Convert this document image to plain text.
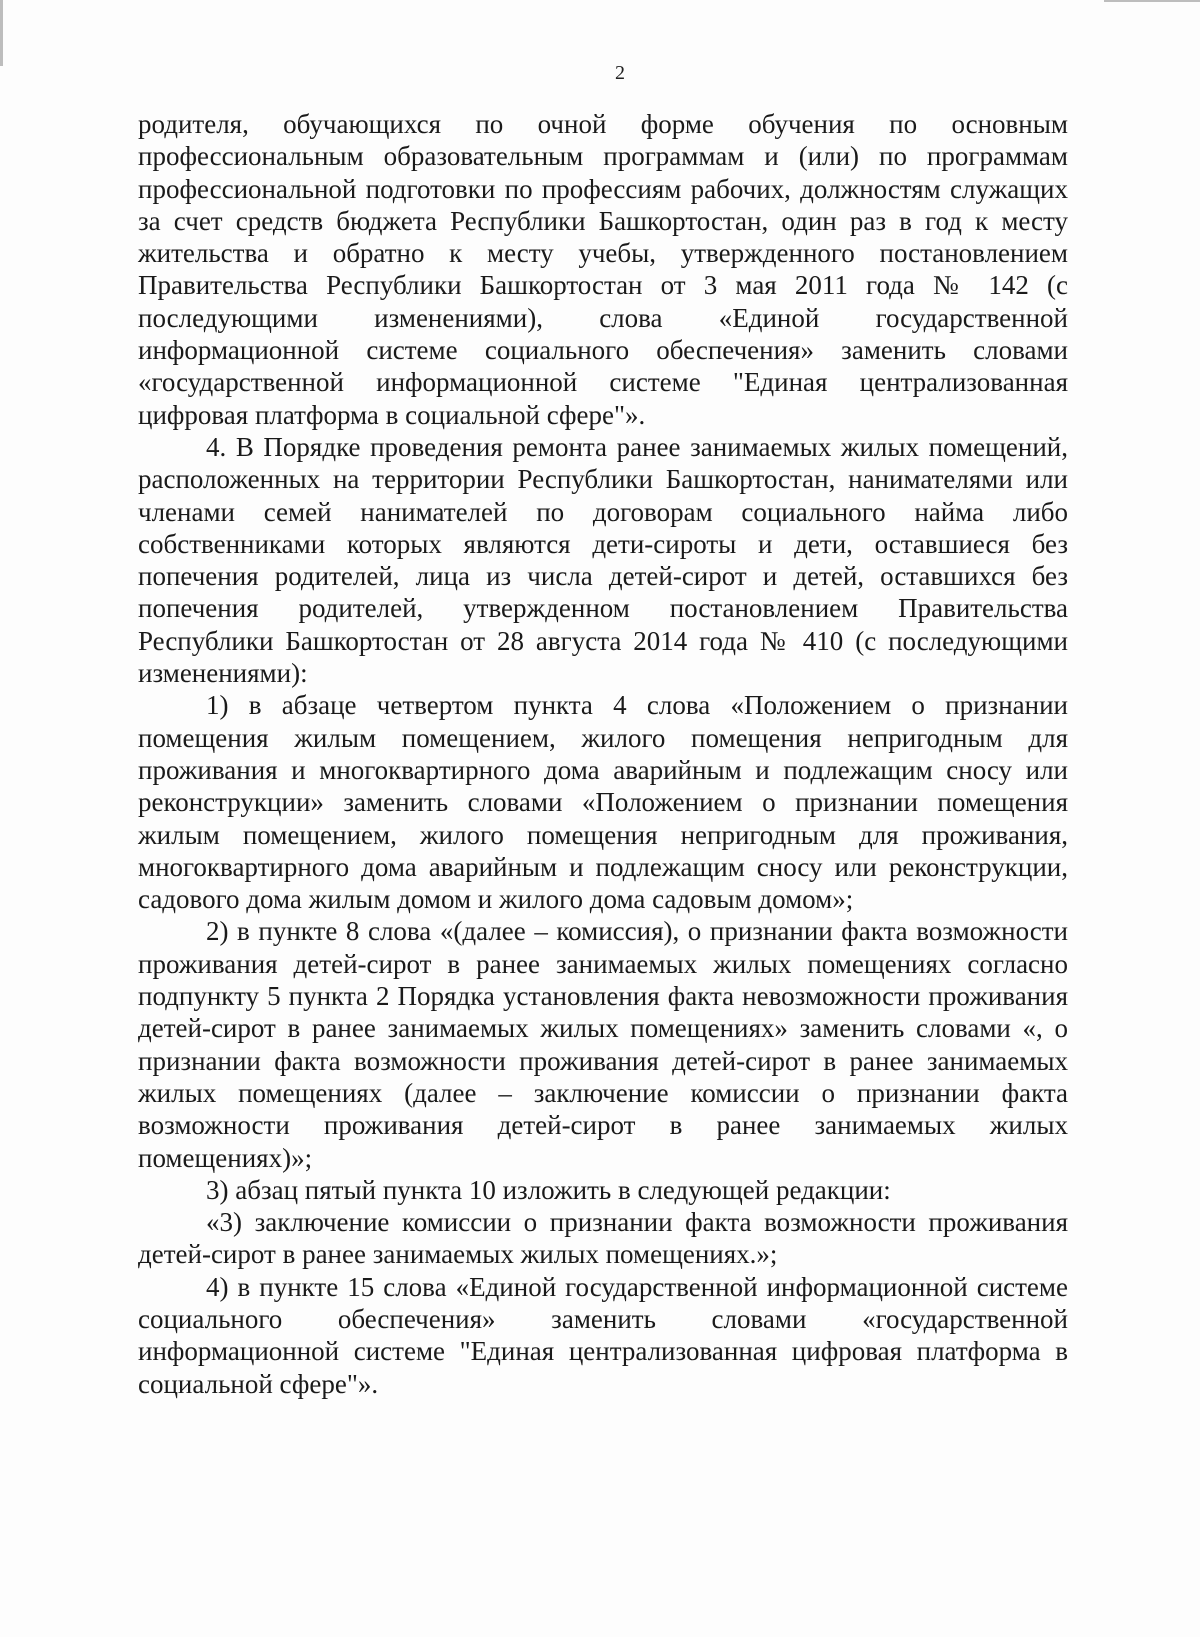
2

родителя, обучающихся по очной форме обучения по основным профессиональным образовательным программам и (или) по программам профессиональной подготовки по профессиям рабочих, должностям служащих за счет средств бюджета Республики Башкортостан, один раз в год к месту жительства и обратно к месту учебы, утвержденного постановлением Правительства Республики Башкортостан от 3 мая 2011 года № 142 (с последующими изменениями), слова «Единой государственной информационной системе социального обеспечения» заменить словами «государственной информационной системе "Единая централизованная цифровая платформа в социальной сфере"».

4. В Порядке проведения ремонта ранее занимаемых жилых помещений, расположенных на территории Республики Башкортостан, нанимателями или членами семей нанимателей по договорам социального найма либо собственниками которых являются дети-сироты и дети, оставшиеся без попечения родителей, лица из числа детей-сирот и детей, оставшихся без попечения родителей, утвержденном постановлением Правительства Республики Башкортостан от 28 августа 2014 года № 410 (с последующими изменениями):

1) в абзаце четвертом пункта 4 слова «Положением о признании помещения жилым помещением, жилого помещения непригодным для проживания и многоквартирного дома аварийным и подлежащим сносу или реконструкции» заменить словами «Положением о признании помещения жилым помещением, жилого помещения непригодным для проживания, многоквартирного дома аварийным и подлежащим сносу или реконструкции, садового дома жилым домом и жилого дома садовым домом»;

2) в пункте 8 слова «(далее – комиссия), о признании факта возможности проживания детей-сирот в ранее занимаемых жилых помещениях согласно подпункту 5 пункта 2 Порядка установления факта невозможности проживания детей-сирот в ранее занимаемых жилых помещениях» заменить словами «, о признании факта возможности проживания детей-сирот в ранее занимаемых жилых помещениях (далее – заключение комиссии о признании факта возможности проживания детей-сирот в ранее занимаемых жилых помещениях)»;

3) абзац пятый пункта 10 изложить в следующей редакции:

«3) заключение комиссии о признании факта возможности проживания детей-сирот в ранее занимаемых жилых помещениях.»;

4) в пункте 15 слова «Единой государственной информационной системе социального обеспечения» заменить словами «государственной информационной системе "Единая централизованная цифровая платформа в социальной сфере"».
